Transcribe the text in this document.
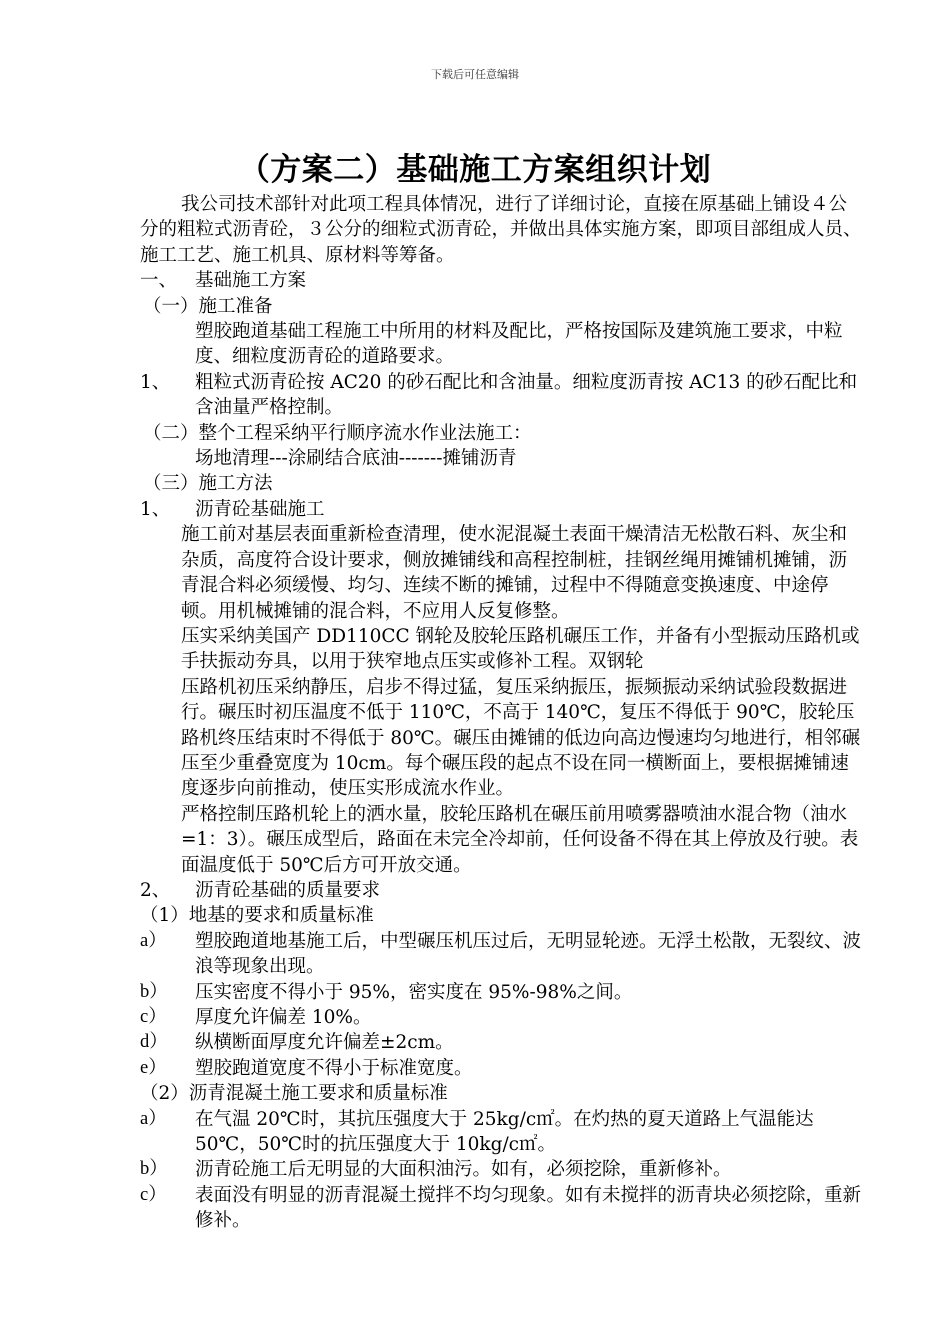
下载后可任意编辑
（方案二）基础施工方案组织计划

我公司技术部针对此项工程具体情况，进行了详细讨论，直接在原基础上铺设４公分的粗粒式沥青砼，３公分的细粒式沥青砼，并做出具体实施方案，即项目部组成人员、施工工艺、施工机具、原材料等筹备。

一、 基础施工方案

（一）施工准备

塑胶跑道基础工程施工中所用的材料及配比，严格按国际及建筑施工要求，中粒度、细粒度沥青砼的道路要求。

1、	粗粒式沥青砼按 AC20 的砂石配比和含油量。细粒度沥青按 AC13 的砂石配比和含油量严格控制。

（二）整个工程采纳平行顺序流水作业法施工：

场地清理---涂刷结合底油-------摊铺沥青

（三）施工方法

1、	沥青砼基础施工

施工前对基层表面重新检查清理，使水泥混凝土表面干燥清洁无松散石料、灰尘和杂质，高度符合设计要求，侧放摊铺线和高程控制桩，挂钢丝绳用摊铺机摊铺，沥青混合料必须缓慢、均匀、连续不断的摊铺，过程中不得随意变换速度、中途停顿。用机械摊铺的混合料，不应用人反复修整。

压实采纳美国产 DD110CC 钢轮及胶轮压路机碾压工作，并备有小型振动压路机或手扶振动夯具，以用于狭窄地点压实或修补工程。双钢轮

压路机初压采纳静压，启步不得过猛，复压采纳振压，振频振动采纳试验段数据进行。碾压时初压温度不低于 110℃，不高于 140℃，复压不得低于 90℃，胶轮压路机终压结束时不得低于 80℃。碾压由摊铺的低边向高边慢速均匀地进行，相邻碾压至少重叠宽度为 10cm。每个碾压段的起点不设在同一横断面上，要根据摊铺速度逐步向前推动，使压实形成流水作业。

严格控制压路机轮上的洒水量，胶轮压路机在碾压前用喷雾器喷油水混合物（油水=1：3）。碾压成型后，路面在未完全冷却前，任何设备不得在其上停放及行驶。表面温度低于 50℃后方可开放交通。

2、	沥青砼基础的质量要求

（1）地基的要求和质量标准

a）	塑胶跑道地基施工后，中型碾压机压过后，无明显轮迹。无浮土松散，无裂纹、波浪等现象出现。
b）	压实密度不得小于 95%，密实度在 95%-98%之间。
c）	厚度允许偏差 10%。
d）	纵横断面厚度允许偏差±2cm。
e）	塑胶跑道宽度不得小于标准宽度。

（2）沥青混凝土施工要求和质量标准

a）	在气温 20℃时，其抗压强度大于 25kg/c㎡。在灼热的夏天道路上气温能达 50℃，50℃时的抗压强度大于 10kg/c㎡。
b）	沥青砼施工后无明显的大面积油污。如有，必须挖除，重新修补。
c）	表面没有明显的沥青混凝土搅拌不均匀现象。如有未搅拌的沥青块必须挖除，重新修补。
